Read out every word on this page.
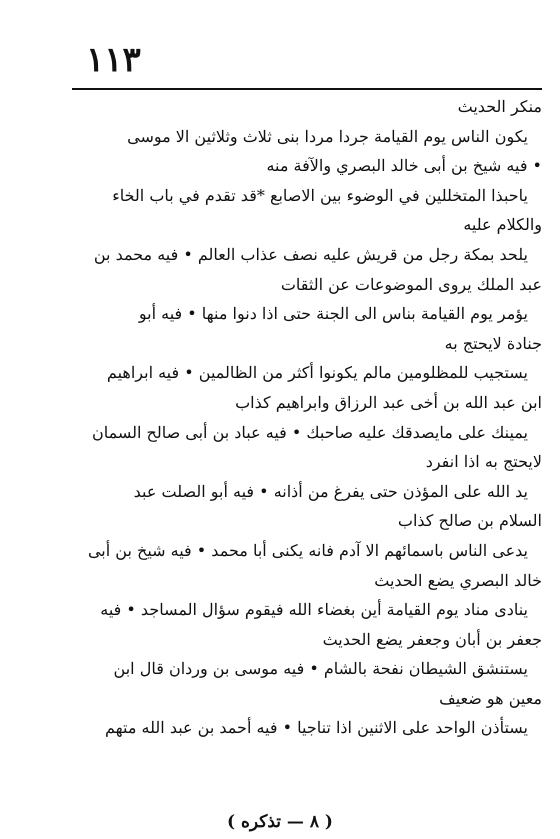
١١٣
منكر الحديث
يكون الناس يوم القيامة جردا مردا بنى ثلاث وثلاثين الا موسى
• فيه شيخ بن أبى خالد البصري والآفة منه
ياحبذا المتخللين في الوضوء بين الاصابع *قد تقدم في باب الخاء
والكلام عليه
يلحد بمكة رجل من قريش عليه نصف عذاب العالم • فيه محمد بن
عبد الملك يروى الموضوعات عن الثقات
يؤمر يوم القيامة بناس الى الجنة حتى اذا دنوا منها • فيه أبو
جنادة لايحتج به
يستجيب للمظلومين مالم يكونوا أكثر من الظالمين • فيه ابراهيم
ابن عبد الله بن أخى عبد الرزاق وابراهيم كذاب
يمينك على مايصدقك عليه صاحبك • فيه عباد بن أبى صالح السمان
لايحتج به اذا انفرد
يد الله على المؤذن حتى يفرغ من أذانه • فيه أبو الصلت عبد
السلام بن صالح كذاب
يدعى الناس باسمائهم الا آدم فانه يكنى أبا محمد • فيه شيخ بن أبى
خالد البصري يضع الحديث
ينادى مناد يوم القيامة أين بغضاء الله فيقوم سؤال المساجد • فيه
جعفر بن أبان وجعفر يضع الحديث
يستنشق الشيطان نفحة بالشام • فيه موسى بن وردان قال ابن
معين هو ضعيف
يستأذن الواحد على الاثنين اذا تناجيا • فيه أحمد بن عبد الله متهم
( ٨ — تذكره )
